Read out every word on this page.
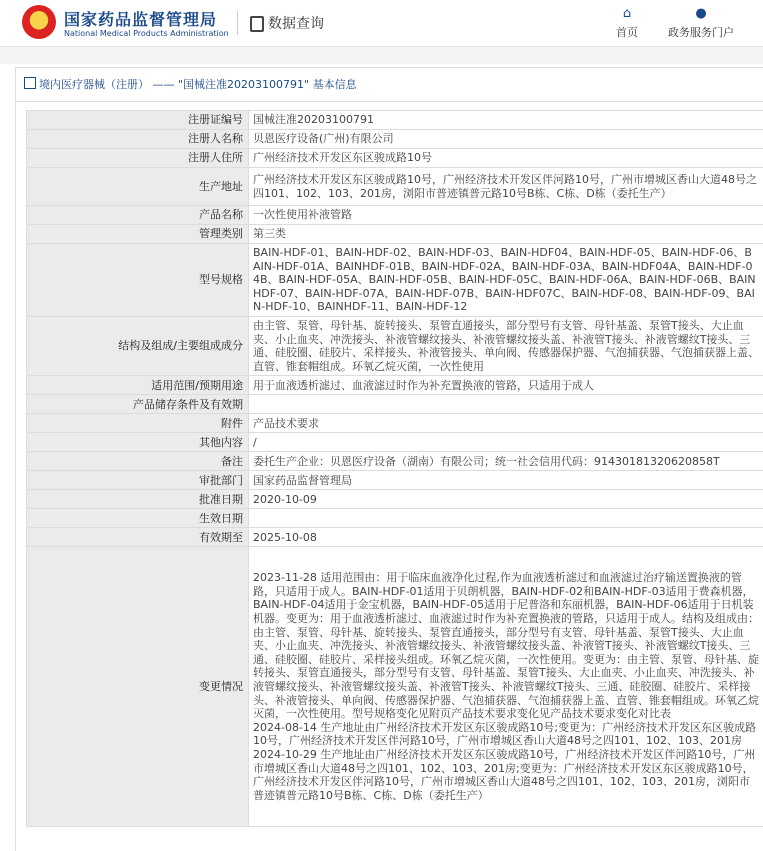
★
国家药品监督管理局
National Medical Products Administration
数据查询
⌂
首页
●
政务服务门户
境内医疗器械（注册） —— "国械注准20203100791" 基本信息
注册证编号	国械注准20203100791
注册人名称	贝恩医疗设备(广州)有限公司
注册人住所	广州经济技术开发区东区骏成路10号
生产地址	广州经济技术开发区东区骏成路10号，广州经济技术开发区伴河路10号，广州市增城区香山大道48号之四101、102、103、201房，浏阳市普迹镇普元路10号B栋、C栋、D栋（委托生产）
产品名称	一次性使用补液管路
管理类别	第三类
型号规格	BAIN-HDF-01、BAIN-HDF-02、BAIN-HDF-03、BAIN-HDF04、BAIN-HDF-05、BAIN-HDF-06、BAIN-HDF-01A、BAINHDF-01B、BAIN-HDF-02A、BAIN-HDF-03A、BAIN-HDF04A、BAIN-HDF-04B、BAIN-HDF-05A、BAIN-HDF-05B、BAIN-HDF-05C、BAIN-HDF-06A、BAIN-HDF-06B、BAINHDF-07、BAIN-HDF-07A、BAIN-HDF-07B、BAIN-HDF07C、BAIN-HDF-08、BAIN-HDF-09、BAIN-HDF-10、BAINHDF-11、BAIN-HDF-12
结构及组成/主要组成成分	由主管、泵管、母针基、旋转接头、泵管直通接头，部分型号有支管、母针基盖、泵管T接头、大止血夹、小止血夹、冲洗接头、补液管螺纹接头、补液管螺纹接头盖、补液管T接头、补液管螺纹T接头、三通、硅胶圈、硅胶片、采样接头、补液管接头、单向阀、传感器保护器、气泡捕获器、气泡捕获器上盖、直管、锥套帽组成。环氧乙烷灭菌，一次性使用
适用范围/预期用途	用于血液透析滤过、血液滤过时作为补充置换液的管路，只适用于成人
产品储存条件及有效期	
附件	产品技术要求
其他内容	/
备注	委托生产企业：贝恩医疗设备（湖南）有限公司；统一社会信用代码：91430181320620858T
审批部门	国家药品监督管理局
批准日期	2020-10-09
生效日期	
有效期至	2025-10-08
变更情况	2023-11-28 适用范围由：用于临床血液净化过程,作为血液透析滤过和血液滤过治疗输送置换液的管路，只适用于成人。BAIN-HDF-01适用于贝朗机器，BAIN-HDF-02和BAIN-HDF-03适用于费森机器，BAIN-HDF-04适用于金宝机器，BAIN-HDF-05适用于尼普洛和东丽机器，BAIN-HDF-06适用于日机装机器。变更为：用于血液透析滤过、血液滤过时作为补充置换液的管路，只适用于成人。结构及组成由：由主管、泵管、母针基、旋转接头、泵管直通接头，部分型号有支管、母针基盖、泵管T接头、大止血夹、小止血夹、冲洗接头、补液管螺纹接头、补液管螺纹接头盖、补液管T接头、补液管螺纹T接头、三通、硅胶圈、硅胶片、采样接头组成。环氧乙烷灭菌，一次性使用。变更为：由主管、泵管、母针基、旋转接头、泵管直通接头，部分型号有支管、母针基盖、泵管T接头、大止血夹、小止血夹、冲洗接头、补液管螺纹接头、补液管螺纹接头盖、补液管T接头、补液管螺纹T接头、三通、硅胶圈、硅胶片、采样接头、补液管接头、单向阀、传感器保护器、气泡捕获器、气泡捕获器上盖、直管、锥套帽组成。环氧乙烷灭菌，一次性使用。型号规格变化见附页产品技术要求变化见产品技术要求变化对比表
2024-08-14 生产地址由广州经济技术开发区东区骏成路10号;变更为：广州经济技术开发区东区骏成路10号，广州经济技术开发区伴河路10号，广州市增城区香山大道48号之四101、102、103、201房
2024-10-29 生产地址由广州经济技术开发区东区骏成路10号，广州经济技术开发区伴河路10号，广州市增城区香山大道48号之四101、102、103、201房;变更为：广州经济技术开发区东区骏成路10号，广州经济技术开发区伴河路10号，广州市增城区香山大道48号之四101、102、103、201房，浏阳市普迹镇普元路10号B栋、C栋、D栋（委托生产）
